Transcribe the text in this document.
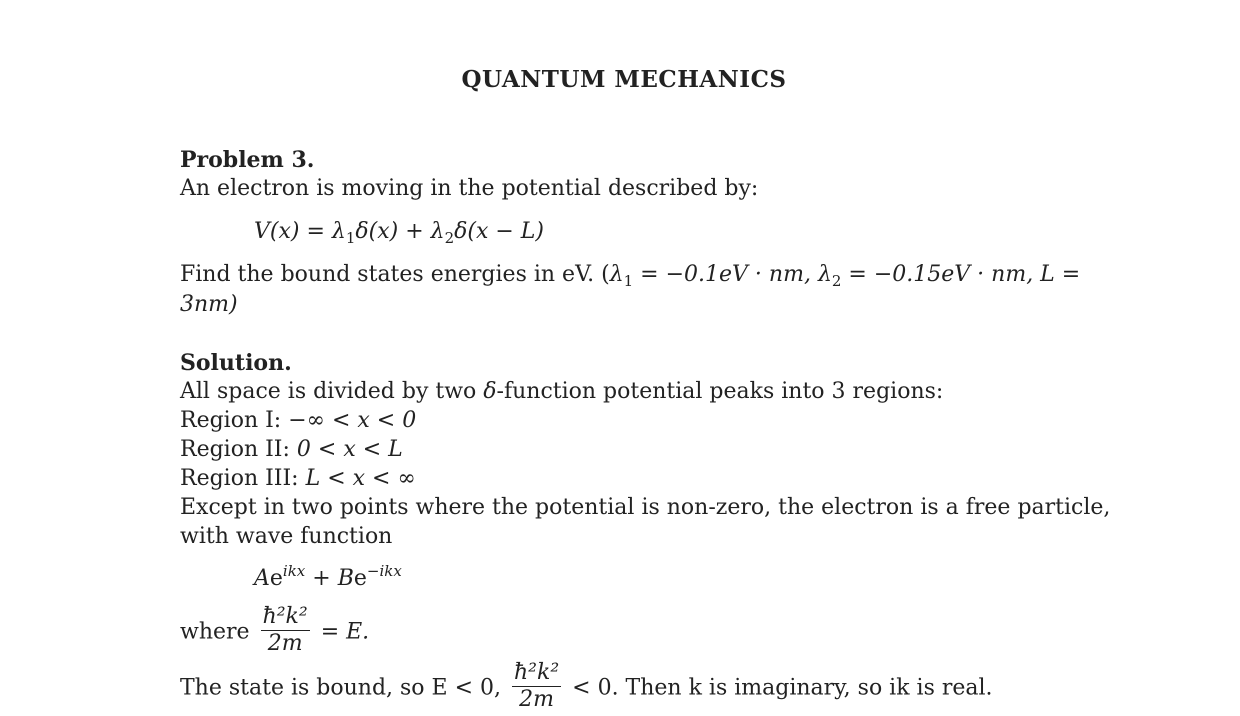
QUANTUM MECHANICS
Problem 3.
An electron is moving in the potential described by:
$V(x) = \lambda_1\delta(x) + \lambda_2\delta(x - L)$
Find the bound states energies in eV. ($\lambda_1 = -0.1eV$ · nm, $\lambda_2 = -0.15eV$ · nm, L =
3nm)
Solution.
All space is divided by two δ-function potential peaks into 3 regions:
Region I: −∞ < x < 0
Region II: 0 < x < L
Region III: L < x < ∞
Except in two points where the potential is non-zero, the electron is a free particle,
with wave function
$Ae^{ikx} + Be^{-ikx}$
where $\frac{\text{ħ²k²}}{2m} = E$.
The state is bound, so E < 0, $\frac{\text{ħ²k²}}{2m} < 0$. Then k is imaginary, so ik is real.
